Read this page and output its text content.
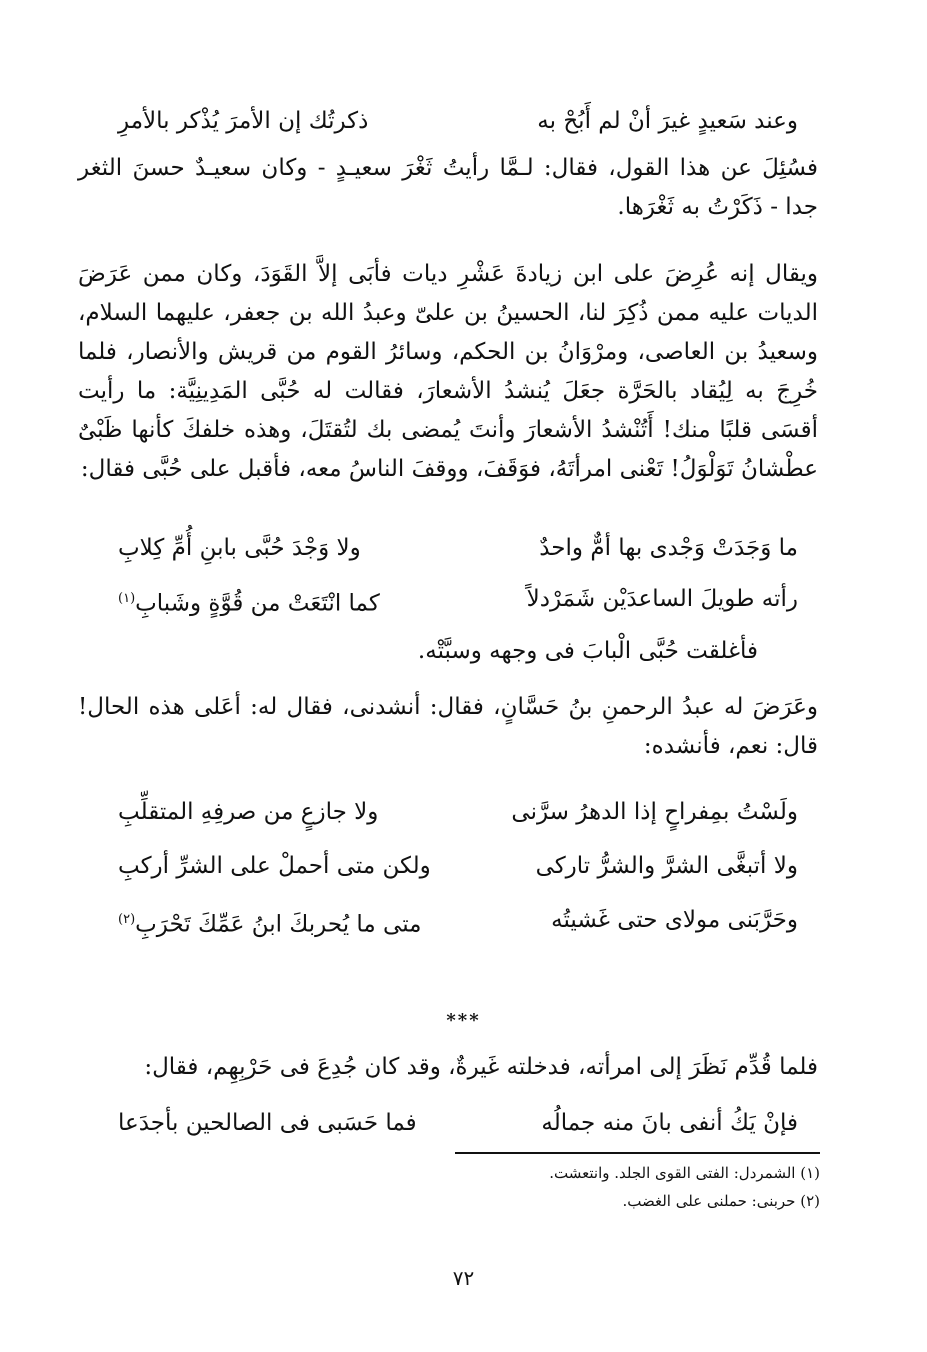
وعند سَعيدٍ غيرَ أنْ لم أَبُحْ به
ذكرتُك إن الأمرَ يُذْكر بالأمرِ

فسُئِلَ عن هذا القول، فقال: لـمَّا رأيتُ ثَغْرَ سعيـدٍ - وكان سعيـدٌ حسنَ الثغر جدا - ذَكَرْتُ به ثَغْرَها.

ويقال إنه عُرِضَ على ابن زيادةَ عَشْرِ ديات فأبَى إلاَّ القَوَدَ، وكان ممن عَرَضَ الديات عليه ممن ذُكِرَ لنا، الحسينُ بن علىّ وعبدُ الله بن جعفر، عليهما السلام، وسعيدُ بن العاصى، ومرْوَانُ بن الحكم، وسائرُ القوم من قريش والأنصار، فلما خُرِجَ به لِيُقاد بالحَرَّة جعَلَ يُنشدُ الأشعارَ، فقالت له حُبَّى المَدِينِيَّة: ما رأيت أقسَى قلبًا منك! أَتُنْشدُ الأشعارَ وأنتَ يُمضى بك لتُقتَلَ، وهذه خلفكَ كأنها ظَبْىٌ عطْشانُ تَوَلْوَلُ! تَعْنى امرأتَهُ، فوَقَفَ، ووقفَ الناسُ معه، فأقبل على حُبَّى فقال:

ما وَجَدَتْ وَجْدى بها أمٌّ واحدٌ
ولا وَجْدَ حُبَّى بابنِ أُمِّ كِلابِ
رأته طويلَ الساعدَيْن شَمَرْدلاً
كما انْتَعَتْ من قُوَّةٍ وشَبابِ$^{(١)}$

فأغلقت حُبَّى الْبابَ فى وجهه وسبَّتْه.

وعَرَضَ له عبدُ الرحمنِ بنُ حَسَّانٍ، فقال: أنشدنى، فقال له: أعَلى هذه الحال! قال: نعم، فأنشده:

ولَسْتُ بمِفراحٍ إذا الدهرُ سرَّنى
ولا جازعٍ من صرفِهِ المتقلِّبِ
ولا أتبغَّى الشرَّ والشرُّ تاركى
ولكن متى أحملْ على الشرِّ أركبِ
وحَرَّبَنى مولاى حتى غَشيتُه
متى ما يُحربكَ ابنُ عَمِّكَ تَحْرَبِ$^{(٢)}$
***

فلما قُدِّم نَظَرَ إلى امرأته، فدخلته غَيرةٌ، وقد كان جُدِعَ فى حَرْبِهِم، فقال:

فإنْ يَكُ أنفى بانَ منه جمالُه
فما حَسَبى فى الصالحين بأجدَعا
(١) الشمردل: الفتى القوى الجلد. وانتعشت.
(٢) حربنى: حملنى على الغضب.
٧٢
